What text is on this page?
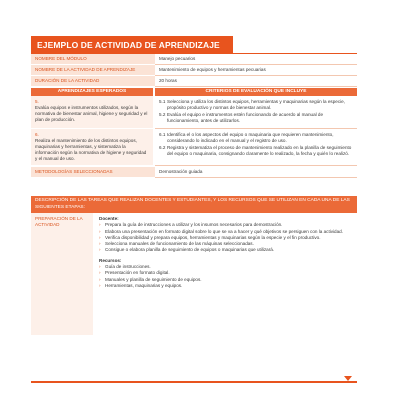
EJEMPLO DE ACTIVIDAD DE APRENDIZAJE
NOMBRE DEL MÓDULO	Manejo pecuarios
NOMBRE DE LA ACTIVIDAD DE APRENDIZAJE	Mantenimiento de equipos y herramientas pecuarias
DURACIÓN DE LA ACTIVIDAD	20 horas
APRENDIZAJES ESPERADOS	CRITERIOS DE EVALUACIÓN QUE INCLUYE
5.
Evalúa equipos e instrumentos utilizados, según la normativa de bienestar animal, higiene y seguridad y el plan de producción.
5.1 Selecciona y utiliza los distintos equipos, herramientas y maquinarias según la especie, propósito productivo y normas de bienestar animal.
5.2 Evalúa el equipo e instrumentos estén funcionando de acuerdo al manual de funcionamiento, antes de utilizarlos.
6.
Realiza el mantenimiento de los distintos equipos, maquinarias y herramientas, y sistematiza la información según la normativa de higiene y seguridad y el manual de uso.
6.1 Identifica el o los aspectos del equipo o maquinaria que requieren mantenimiento, considerando lo indicado en el manual y el registro de uso.
6.2 Registra y sistematiza el proceso de mantenimiento realizado en la planilla de seguimiento del equipo o maquinaria, consignando claramente lo realizado, la fecha y quién lo realizó.
METODOLOGÍAS SELECCIONADAS	Demostración guiada
DESCRIPCIÓN DE LAS TAREAS QUE REALIZAN DOCENTES Y ESTUDIANTES, Y LOS RECURSOS QUE SE UTILIZAN EN CADA UNA DE LAS SIGUIENTES ETAPAS:
PREPARACIÓN DE LA ACTIVIDAD
Docente:
› Prepara la guía de instrucciones a utilizar y los insumos necesarios para demostración.
› Elabora una presentación en formato digital sobre lo que se va a hacer y qué objetivos se persiguen con la actividad.
› Verifica disponibilidad y prepara equipos, herramientas y maquinarias según la especie y el fin productivo.
› Selecciona manuales de funcionamiento de las máquinas seleccionadas.
› Consigue o elabora planilla de seguimiento de equipos o maquinarias que utilizará.
Recursos:
› Guía de instrucciones.
› Presentación en formato digital.
› Manuales y planilla de seguimiento de equipos.
› Herramientas, maquinarias y equipos.
